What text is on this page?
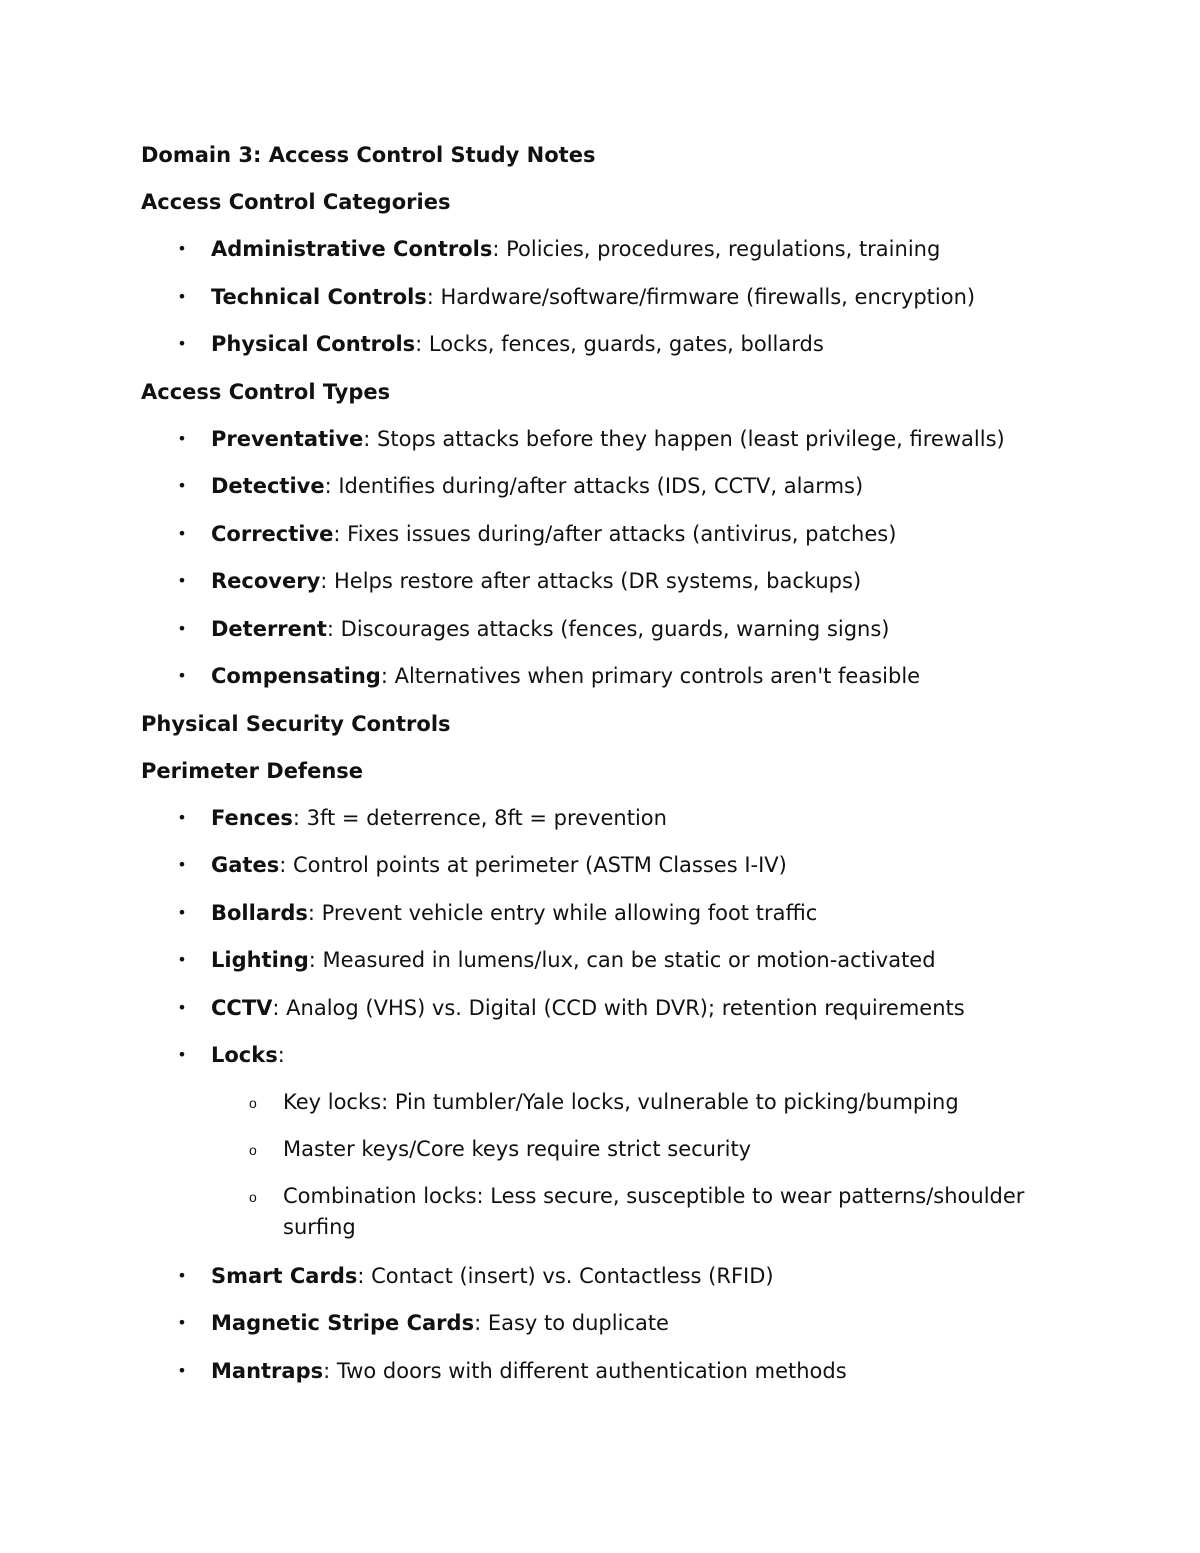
Domain 3: Access Control Study Notes
Access Control Categories
• Administrative Controls: Policies, procedures, regulations, training
• Technical Controls: Hardware/software/firmware (firewalls, encryption)
• Physical Controls: Locks, fences, guards, gates, bollards
Access Control Types
• Preventative: Stops attacks before they happen (least privilege, firewalls)
• Detective: Identifies during/after attacks (IDS, CCTV, alarms)
• Corrective: Fixes issues during/after attacks (antivirus, patches)
• Recovery: Helps restore after attacks (DR systems, backups)
• Deterrent: Discourages attacks (fences, guards, warning signs)
• Compensating: Alternatives when primary controls aren't feasible
Physical Security Controls
Perimeter Defense
• Fences: 3ft = deterrence, 8ft = prevention
• Gates: Control points at perimeter (ASTM Classes I-IV)
• Bollards: Prevent vehicle entry while allowing foot traffic
• Lighting: Measured in lumens/lux, can be static or motion-activated
• CCTV: Analog (VHS) vs. Digital (CCD with DVR); retention requirements
• Locks:
o Key locks: Pin tumbler/Yale locks, vulnerable to picking/bumping
o Master keys/Core keys require strict security
o Combination locks: Less secure, susceptible to wear patterns/shoulder surfing
• Smart Cards: Contact (insert) vs. Contactless (RFID)
• Magnetic Stripe Cards: Easy to duplicate
• Mantraps: Two doors with different authentication methods
